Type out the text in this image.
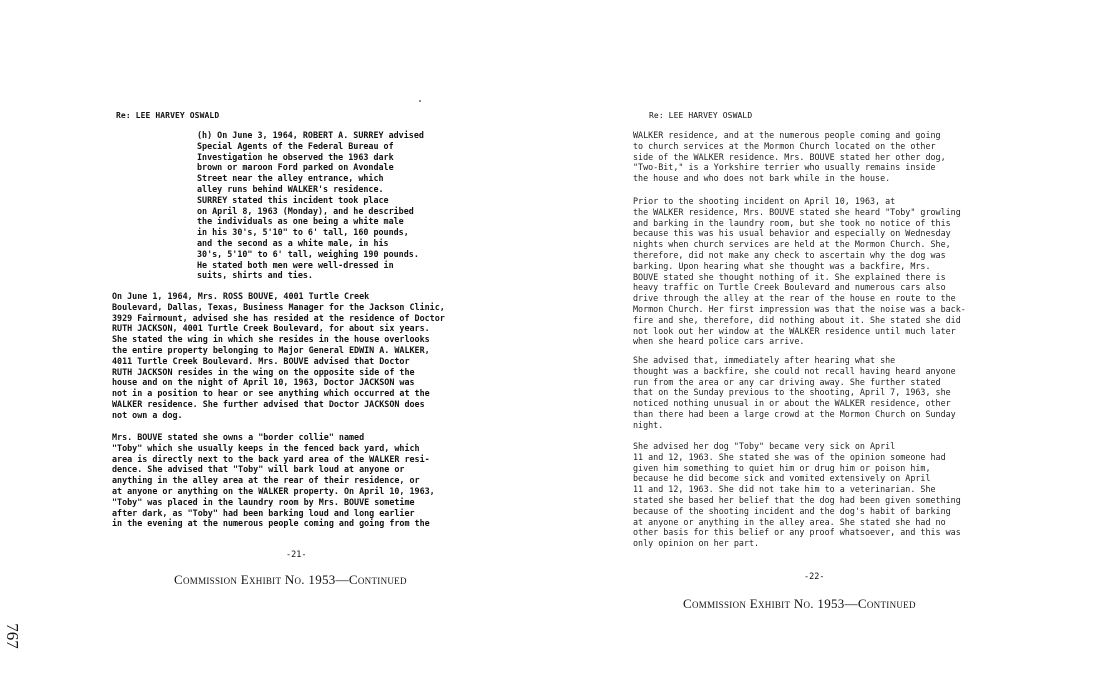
Re: LEE HARVEY OSWALD
(h) On June 3, 1964, ROBERT A. SURREY advised
Special Agents of the Federal Bureau of
Investigation he observed the 1963 dark
brown or maroon Ford parked on Avondale
Street near the alley entrance, which
alley runs behind WALKER's residence.
SURREY stated this incident took place
on April 8, 1963 (Monday), and he described
the individuals as one being a white male
in his 30's, 5'10" to 6' tall, 160 pounds,
and the second as a white male, in his
30's, 5'10" to 6' tall, weighing 190 pounds.
He stated both men were well-dressed in
suits, shirts and ties.
On June 1, 1964, Mrs. ROSS BOUVE, 4001 Turtle Creek
Boulevard, Dallas, Texas, Business Manager for the Jackson Clinic,
3929 Fairmount, advised she has resided at the residence of Doctor
RUTH JACKSON, 4001 Turtle Creek Boulevard, for about six years.
She stated the wing in which she resides in the house overlooks
the entire property belonging to Major General EDWIN A. WALKER,
4011 Turtle Creek Boulevard. Mrs. BOUVE advised that Doctor
RUTH JACKSON resides in the wing on the opposite side of the
house and on the night of April 10, 1963, Doctor JACKSON was
not in a position to hear or see anything which occurred at the
WALKER residence. She further advised that Doctor JACKSON does
not own a dog.
Mrs. BOUVE stated she owns a "border collie" named
"Toby" which she usually keeps in the fenced back yard, which
area is directly next to the back yard area of the WALKER resi-
dence. She advised that "Toby" will bark loud at anyone or
anything in the alley area at the rear of their residence, or
at anyone or anything on the WALKER property. On April 10, 1963,
"Toby" was placed in the laundry room by Mrs. BOUVE sometime
after dark, as "Toby" had been barking loud and long earlier
in the evening at the numerous people coming and going from the
-21-
Commission Exhibit No. 1953—Continued
Re: LEE HARVEY OSWALD
WALKER residence, and at the numerous people coming and going
to church services at the Mormon Church located on the other
side of the WALKER residence. Mrs. BOUVE stated her other dog,
"Two-Bit," is a Yorkshire terrier who usually remains inside
the house and who does not bark while in the house.
Prior to the shooting incident on April 10, 1963, at
the WALKER residence, Mrs. BOUVE stated she heard "Toby" growling
and barking in the laundry room, but she took no notice of this
because this was his usual behavior and especially on Wednesday
nights when church services are held at the Mormon Church. She,
therefore, did not make any check to ascertain why the dog was
barking. Upon hearing what she thought was a backfire, Mrs.
BOUVE stated she thought nothing of it. She explained there is
heavy traffic on Turtle Creek Boulevard and numerous cars also
drive through the alley at the rear of the house en route to the
Mormon Church. Her first impression was that the noise was a back-
fire and she, therefore, did nothing about it. She stated she did
not look out her window at the WALKER residence until much later
when she heard police cars arrive.
She advised that, immediately after hearing what she
thought was a backfire, she could not recall having heard anyone
run from the area or any car driving away. She further stated
that on the Sunday previous to the shooting, April 7, 1963, she
noticed nothing unusual in or about the WALKER residence, other
than there had been a large crowd at the Mormon Church on Sunday
night.
She advised her dog "Toby" became very sick on April
11 and 12, 1963. She stated she was of the opinion someone had
given him something to quiet him or drug him or poison him,
because he did become sick and vomited extensively on April
11 and 12, 1963. She did not take him to a veterinarian. She
stated she based her belief that the dog had been given something
because of the shooting incident and the dog's habit of barking
at anyone or anything in the alley area. She stated she had no
other basis for this belief or any proof whatsoever, and this was
only opinion on her part.
-22-
Commission Exhibit No. 1953—Continued
767
